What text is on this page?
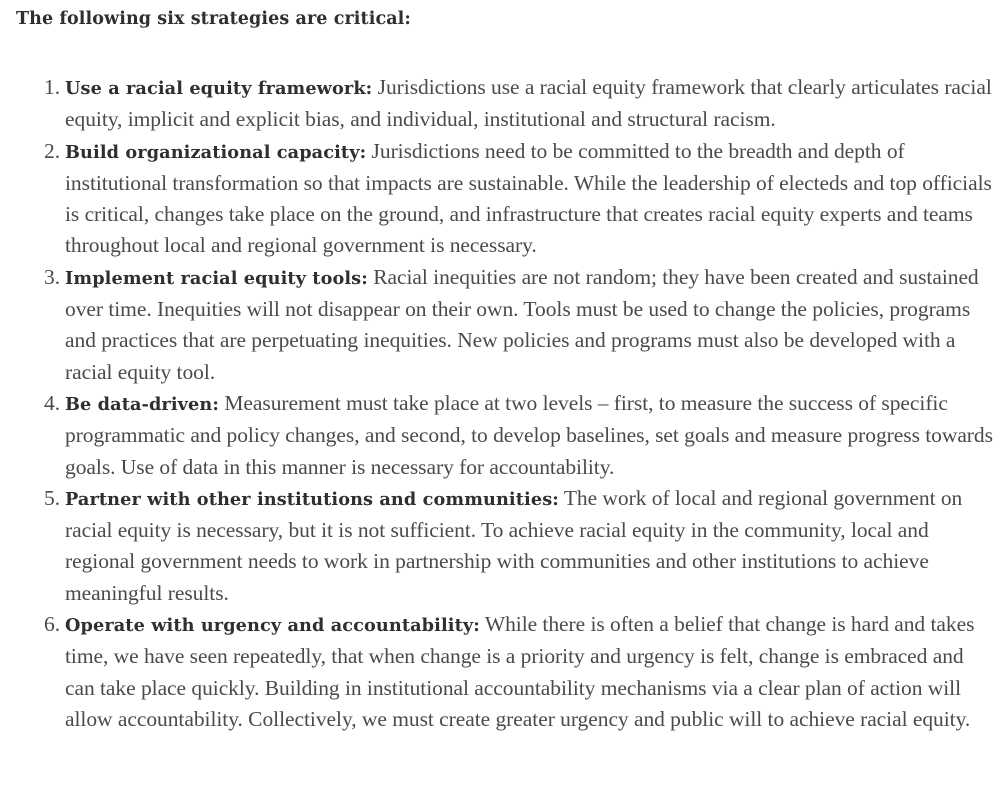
The following six strategies are critical:
1. Use a racial equity framework: Jurisdictions use a racial equity framework that clearly articulates racial equity, implicit and explicit bias, and individual, institutional and structural racism.
2. Build organizational capacity: Jurisdictions need to be committed to the breadth and depth of institutional transformation so that impacts are sustainable. While the leadership of electeds and top officials is critical, changes take place on the ground, and infrastructure that creates racial equity experts and teams throughout local and regional government is necessary.
3. Implement racial equity tools: Racial inequities are not random; they have been created and sustained over time. Inequities will not disappear on their own. Tools must be used to change the policies, programs and practices that are perpetuating inequities. New policies and programs must also be developed with a racial equity tool.
4. Be data-driven: Measurement must take place at two levels – first, to measure the success of specific programmatic and policy changes, and second, to develop baselines, set goals and measure progress towards goals. Use of data in this manner is necessary for accountability.
5. Partner with other institutions and communities: The work of local and regional government on racial equity is necessary, but it is not sufficient. To achieve racial equity in the community, local and regional government needs to work in partnership with communities and other institutions to achieve meaningful results.
6. Operate with urgency and accountability: While there is often a belief that change is hard and takes time, we have seen repeatedly, that when change is a priority and urgency is felt, change is embraced and can take place quickly. Building in institutional accountability mechanisms via a clear plan of action will allow accountability. Collectively, we must create greater urgency and public will to achieve racial equity.
